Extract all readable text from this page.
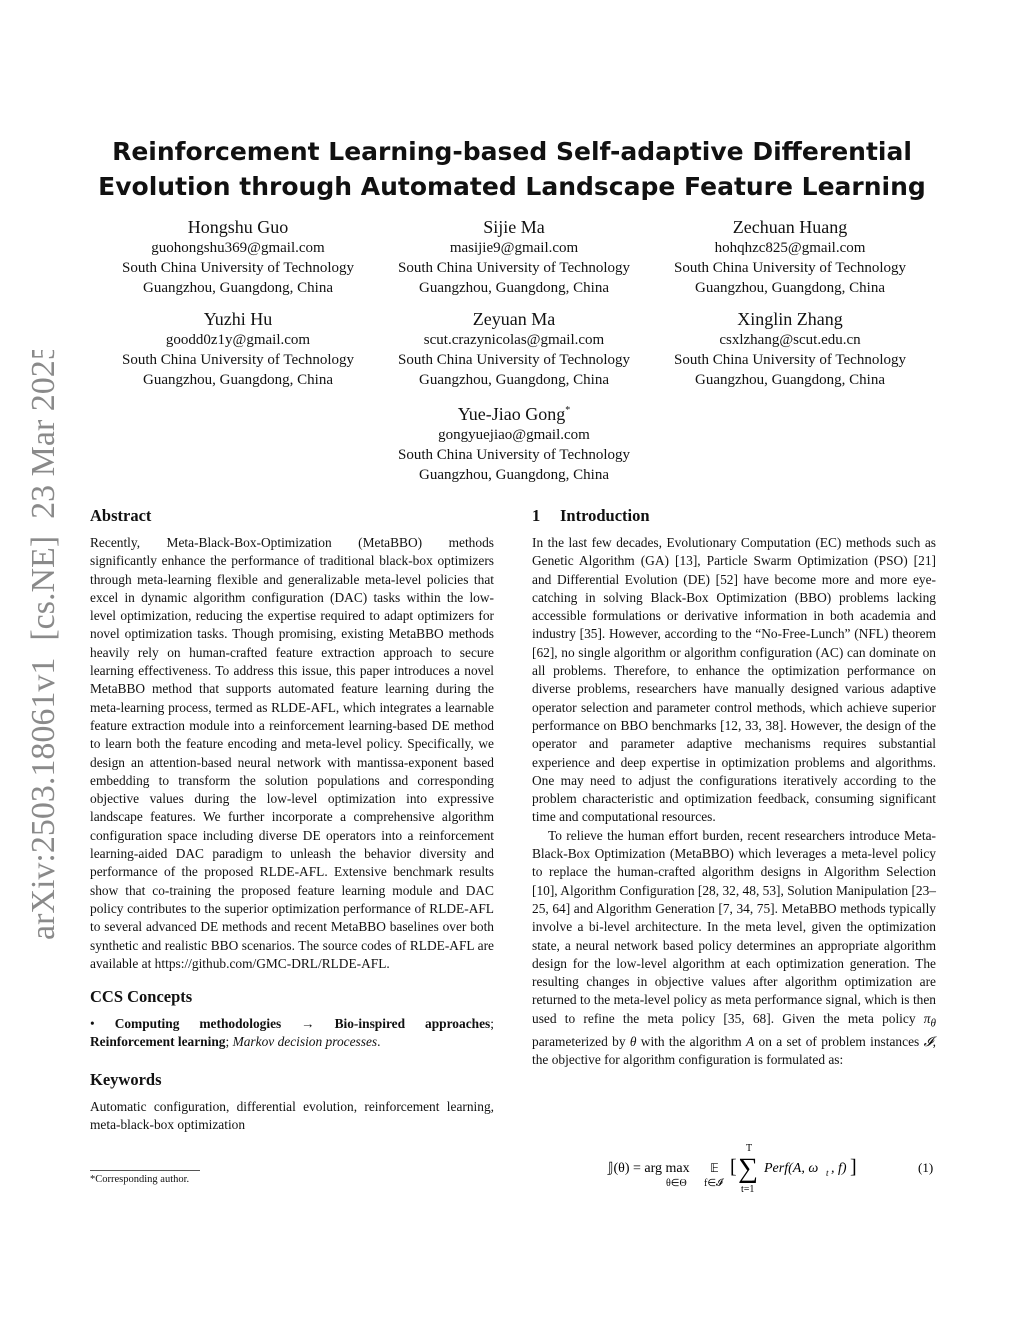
arXiv:2503.18061v1  [cs.NE]  23 Mar 2025
Reinforcement Learning-based Self-adaptive Differential
Evolution through Automated Landscape Feature Learning
Hongshu Guo
guohongshu369@gmail.com
South China University of Technology
Guangzhou, Guangdong, China
Sijie Ma
masijie9@gmail.com
South China University of Technology
Guangzhou, Guangdong, China
Zechuan Huang
hohqhzc825@gmail.com
South China University of Technology
Guangzhou, Guangdong, China
Yuzhi Hu
goodd0z1y@gmail.com
South China University of Technology
Guangzhou, Guangdong, China
Zeyuan Ma
scut.crazynicolas@gmail.com
South China University of Technology
Guangzhou, Guangdong, China
Xinglin Zhang
csxlzhang@scut.edu.cn
South China University of Technology
Guangzhou, Guangdong, China
Yue-Jiao Gong*
gongyuejiao@gmail.com
South China University of Technology
Guangzhou, Guangdong, China
Abstract

Recently, Meta-Black-Box-Optimization (MetaBBO) methods significantly enhance the performance of traditional black-box optimizers through meta-learning flexible and generalizable meta-level policies that excel in dynamic algorithm configuration (DAC) tasks within the low-level optimization, reducing the expertise required to adapt optimizers for novel optimization tasks. Though promising, existing MetaBBO methods heavily rely on human-crafted feature extraction approach to secure learning effectiveness. To address this issue, this paper introduces a novel MetaBBO method that supports automated feature learning during the meta-learning process, termed as RLDE-AFL, which integrates a learnable feature extraction module into a reinforcement learning-based DE method to learn both the feature encoding and meta-level policy. Specifically, we design an attention-based neural network with mantissa-exponent based embedding to transform the solution populations and corresponding objective values during the low-level optimization into expressive landscape features. We further incorporate a comprehensive algorithm configuration space including diverse DE operators into a reinforcement learning-aided DAC paradigm to unleash the behavior diversity and performance of the proposed RLDE-AFL. Extensive benchmark results show that co-training the proposed feature learning module and DAC policy contributes to the superior optimization performance of RLDE-AFL to several advanced DE methods and recent MetaBBO baselines over both synthetic and realistic BBO scenarios. The source codes of RLDE-AFL are available at https://github.com/GMC-DRL/RLDE-AFL.

CCS Concepts

• Computing methodologies → Bio-inspired approaches; Reinforcement learning; Markov decision processes.

Keywords

Automatic configuration, differential evolution, reinforcement learning, meta-black-box optimization

*Corresponding author.
1 Introduction

In the last few decades, Evolutionary Computation (EC) methods such as Genetic Algorithm (GA) [13], Particle Swarm Optimization (PSO) [21] and Differential Evolution (DE) [52] have become more and more eye-catching in solving Black-Box Optimization (BBO) problems lacking accessible formulations or derivative information in both academia and industry [35]. However, according to the “No-Free-Lunch” (NFL) theorem [62], no single algorithm or algorithm configuration (AC) can dominate on all problems. Therefore, to enhance the optimization performance on diverse problems, researchers have manually designed various adaptive operator selection and parameter control methods, which achieve superior performance on BBO benchmarks [12, 33, 38]. However, the design of the operator and parameter adaptive mechanisms requires substantial experience and deep expertise in optimization problems and algorithms. One may need to adjust the configurations iteratively according to the problem characteristic and optimization feedback, consuming significant time and computational resources.

To relieve the human effort burden, recent researchers introduce Meta-Black-Box Optimization (MetaBBO) which leverages a meta-level policy to replace the human-crafted algorithm designs in Algorithm Selection [10], Algorithm Configuration [28, 32, 48, 53], Solution Manipulation [23–25, 64] and Algorithm Generation [7, 34, 75]. MetaBBO methods typically involve a bi-level architecture. In the meta level, given the optimization state, a neural network based policy determines an appropriate algorithm design for the low-level algorithm at each optimization generation. The resulting changes in objective values after algorithm optimization are returned to the meta-level policy as meta performance signal, which is then used to refine the meta policy [35, 68]. Given the meta policy $\pi_\theta$ parameterized by θ with the algorithm A on a set of problem instances 𝓘, the objective for algorithm configuration is formulated as:

𝕁(θ) = arg max
θ∈Θ
𝔼
f∈𝓘
[
T
∑
t=1
Perf(A, ω t , f) ]	(1)
